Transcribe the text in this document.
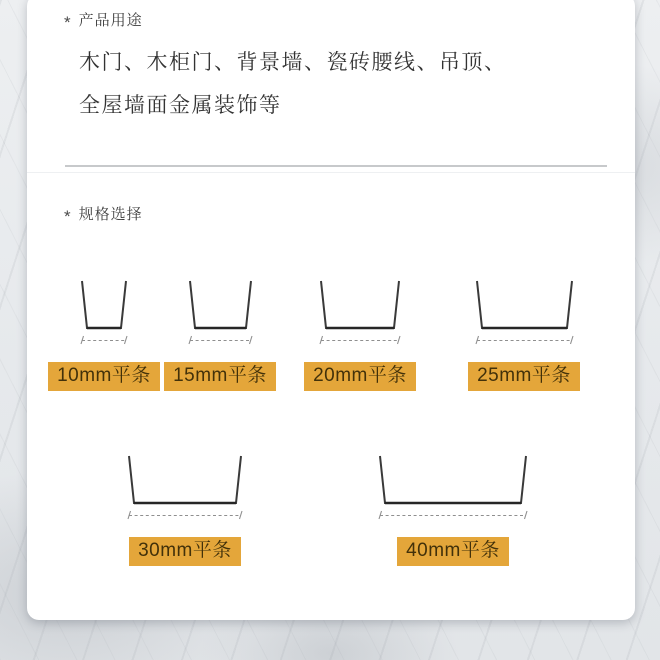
* 产品用途

木门、木柜门、背景墙、瓷砖腰线、吊顶、

全屋墙面金属装饰等

* 规格选择
10mm平条	15mm平条	20mm平条	25mm平条
30mm平条	40mm平条
